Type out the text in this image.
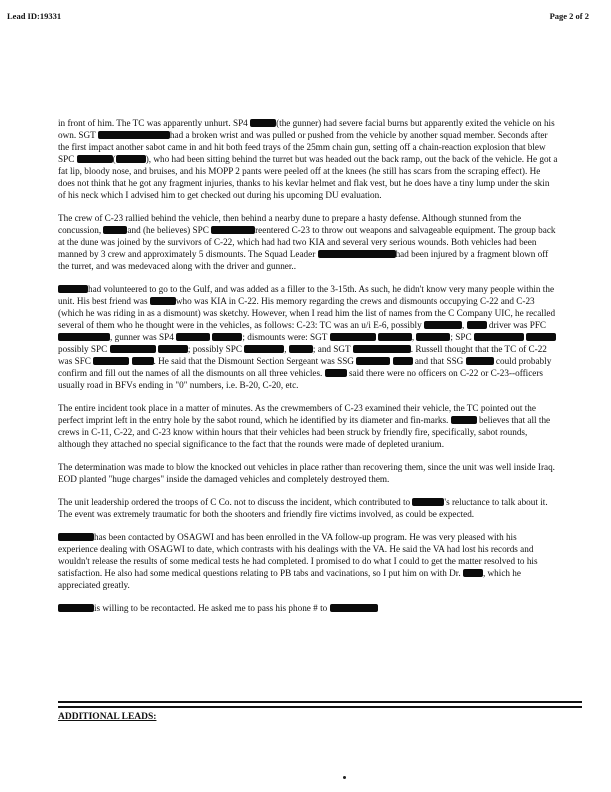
Lead ID:19331	Page 2 of 2

in front of him. The TC was apparently unhurt. SP4	(the gunner) had severe facial burns but apparently exited the vehicle on his own. SGT	had a broken wrist and was pulled or pushed from the vehicle by another squad member. Seconds after the first impact another sabot came in and hit both feed trays of the 25mm chain gun, setting off a chain-reaction explosion that blew SPC	(	), who had been sitting behind the turret but was headed out the back ramp, out the back of the vehicle. He got a fat lip, bloody nose, and bruises, and his MOPP 2 pants were peeled off at the knees (he still has scars from the scraping effect). He does not think that he got any fragment injuries, thanks to his kevlar helmet and flak vest, but he does have a tiny lump under the skin of his neck which I advised him to get checked out during his upcoming DU evaluation.

The crew of C-23 rallied behind the vehicle, then behind a nearby dune to prepare a hasty defense. Although stunned from the concussion,	and (he believes) SPC	reentered C-23 to throw out weapons and salvageable equipment. The group back at the dune was joined by the survivors of C-22, which had had two KIA and several very serious wounds. Both vehicles had been manned by 3 crew and approximately 5 dismounts. The Squad Leader	had been injured by a fragment blown off the turret, and was medevaced along with the driver and gunner..

had volunteered to go to the Gulf, and was added as a filler to the 3-15th. As such, he didn't know very many people within the unit. His best friend was	who was KIA in C-22. His memory regarding the crews and dismounts occupying C-22 and C-23 (which he was riding in as a dismount) was sketchy. However, when I read him the list of names from the C Company UIC, he recalled several of them who he thought were in the vehicles, as follows: C-23: TC was an u/i E-6, possibly	,  driver was PFC , gunner was SP4	; dismounts were: SGT	,	; SPC   possibly SPC	; possibly SPC	,	; and SGT	. Russell thought that the TC of C-22 was SFC	. He said that the Dismount Section Sergeant was SSG	and that SSG	could probably confirm and fill out the names of all the dismounts on all three vehicles.  said there were no officers on C-22 or C-23--officers usually road in BFVs ending in "0" numbers, i.e. B-20, C-20, etc.

The entire incident took place in a matter of minutes. As the crewmembers of C-23 examined their vehicle, the TC pointed out the perfect imprint left in the entry hole by the sabot round, which he identified by its diameter and fin-marks.	believes that all the crews in C-11, C-22, and C-23 know within hours that their vehicles had been struck by friendly fire, specifically, sabot rounds, although they attached no special significance to the fact that the rounds were made of depleted uranium.

The determination was made to blow the knocked out vehicles in place rather than recovering them, since the unit was well inside Iraq. EOD planted "huge charges" inside the damaged vehicles and completely destroyed them.

The unit leadership ordered the troops of C Co. not to discuss the incident, which contributed to	's reluctance to talk about it. The event was extremely traumatic for both the shooters and friendly fire victims involved, as could be expected.

has been contacted by OSAGWI and has been enrolled in the VA follow-up program. He was very pleased with his experience dealing with OSAGWI to date, which contrasts with his dealings with the VA. He said the VA had lost his records and wouldn't release the results of some medical tests he had completed. I promised to do what I could to get the matter resolved to his satisfaction. He also had some medical questions relating to PB tabs and vacinations, so I put him on with Dr. , which he appreciated greatly.

is willing to be recontacted. He asked me to pass his phone # to

ADDITIONAL LEADS:
